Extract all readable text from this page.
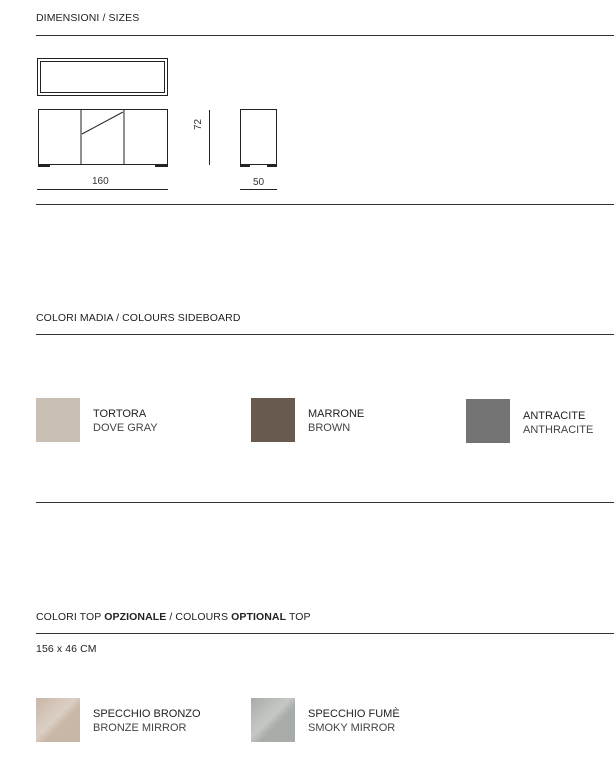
DIMENSIONI / SIZES
160
72
50
COLORI MADIA / COLOURS SIDEBOARD
TORTORA
DOVE GRAY
MARRONE
BROWN
ANTRACITE
ANTHRACITE
COLORI TOP OPZIONALE / COLOURS OPTIONAL TOP
156 x 46 CM
SPECCHIO BRONZO
BRONZE MIRROR
SPECCHIO FUMÈ
SMOKY MIRROR
